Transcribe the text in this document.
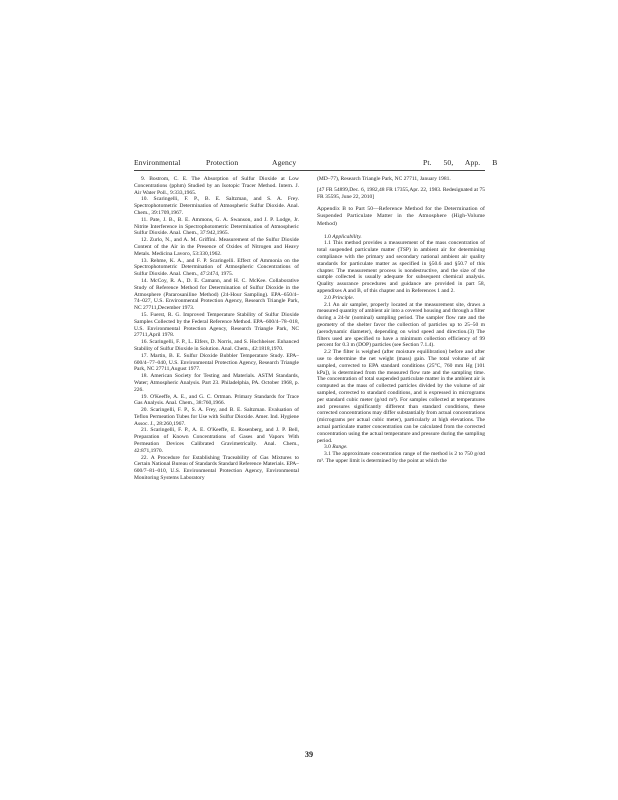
Environmental	Protection	Agency	Pt. 50, App. B

9. Bostrom, C. E. The Absorption of Sulfur Dioxide at Low Concentrations (pphm) Studied by an Isotopic Tracer Method. Intern. J. Air Water Poll., 9:333,1965.

10. Scaringelli, F. P., B. E. Saltzman, and S. A. Frey. Spectrophotometric Determination of Atmospheric Sulfur Dioxide. Anal. Chem., 39:1709,1967.

11. Pate, J. B., B. E. Ammons, G. A. Swanson, and J. P. Lodge, Jr. Nitrite Interference in Spectrophotometric Determination of Atmospheric Sulfur Dioxide. Anal. Chem., 37:942,1965.

12. Zurlo, N., and A. M. Griffini. Measurement of the Sulfur Dioxide Content of the Air in the Presence of Oxides of Nitrogen and Heavy Metals. Medicina Lavoro, 53:330,1962.

13. Rehme, K. A., and F. P. Scaringelli. Effect of Ammonia on the Spectrophotometric Determination of Atmospheric Concentrations of Sulfur Dioxide. Anal. Chem., 47:2474, 1975.

14. McCoy, R. A., D. E. Camann, and H. C. McKee. Collaborative Study of Reference Method for Determination of Sulfur Dioxide in the Atmosphere (Pararosaniline Method) (24-Hour Sampling). EPA–650/4–74–027, U.S. Environmental Protection Agency, Research Triangle Park, NC 27711,December 1973.

15. Fuerst, R. G. Improved Temperature Stability of Sulfur Dioxide Samples Collected by the Federal Reference Method. EPA–600/4–78–018, U.S. Environmental Protection Agency, Research Triangle Park, NC 27711,April 1978.

16. Scaringelli, F. P., L. Elfers, D. Norris, and S. Hochheiser. Enhanced Stability of Sulfur Dioxide in Solution. Anal. Chem., 42:1818,1970.

17. Martin, B. E. Sulfur Dioxide Bubbler Temperature Study. EPA–600/4–77–040, U.S. Environmental Protection Agency, Research Triangle Park, NC 27711,August 1977.

18. American Society for Testing and Materials. ASTM Standards, Water; Atmospheric Analysis. Part 23. Philadelphia, PA. October 1968, p. 226.

19. O'Keeffe, A. E., and G. C. Ortman. Primary Standards for Trace Gas Analysis. Anal. Chem., 38:760,1966.

20. Scaringelli, F. P., S. A. Frey, and B. E. Saltzman. Evaluation of Teflon Permeation Tubes for Use with Sulfur Dioxide. Amer. Ind. Hygiene Assoc. J., 28:260,1967.

21. Scaringelli, F. P., A. E. O'Keeffe, E. Rosenberg, and J. P. Bell, Preparation of Known Concentrations of Gases and Vapors With Permeation Devices Calibrated Gravimetrically. Anal. Chem., 42:871,1970.

22. A Procedure for Establishing Traceability of Gas Mixtures to Certain National Bureau of Standards Standard Reference Materials. EPA–600/7–81–010, U.S. Environmental Protection Agency, Environmental Monitoring Systems Laboratory

(MD–77), Research Triangle Park, NC 27711, January 1981.

[47 FR 54899,Dec. 6, 1982,48 FR 17355,Apr. 22, 1983. Redesignated at 75 FR 35595, June 22, 2010]

Appendix B to Part 50—Reference Method for the Determination of Suspended Particulate Matter in the Atmosphere (High-Volume Method)

1.0 Applicability.

1.1 This method provides a measurement of the mass concentration of total suspended particulate matter (TSP) in ambient air for determining compliance with the primary and secondary national ambient air quality standards for particulate matter as specified in §50.6 and §50.7 of this chapter. The measurement process is nondestructive, and the size of the sample collected is usually adequate for subsequent chemical analysis. Quality assurance procedures and guidance are provided in part 58, appendixes A and B, of this chapter and in References 1 and 2.

2.0 Principle.

2.1 An air sampler, properly located at the measurement site, draws a measured quantity of ambient air into a covered housing and through a filter during a 24-hr (nominal) sampling period. The sampler flow rate and the geometry of the shelter favor the collection of particles up to 25–50 m (aerodynamic diameter), depending on wind speed and direction.(3) The filters used are specified to have a minimum collection efficiency of 99 percent for 0.3 m (DOP) particles (see Section 7.1.4).

2.2 The filter is weighed (after moisture equilibration) before and after use to determine the net weight (mass) gain. The total volume of air sampled, corrected to EPA standard conditions (25°C, 760 mm Hg [101 kPa]), is determined from the measured flow rate and the sampling time. The concentration of total suspended particulate matter in the ambient air is computed as the mass of collected particles divided by the volume of air sampled, corrected to standard conditions, and is expressed in micrograms per standard cubic meter (g/std m³). For samples collected at temperatures and pressures significantly different than standard conditions, these corrected concentrations may differ substantially from actual concentrations (micrograms per actual cubic meter), particularly at high elevations. The actual particulate matter concentration can be calculated from the corrected concentration using the actual temperature and pressure during the sampling period.

3.0 Range.

3.1 The approximate concentration range of the method is 2 to 750 g/std m³. The upper limit is determined by the point at which the

39
